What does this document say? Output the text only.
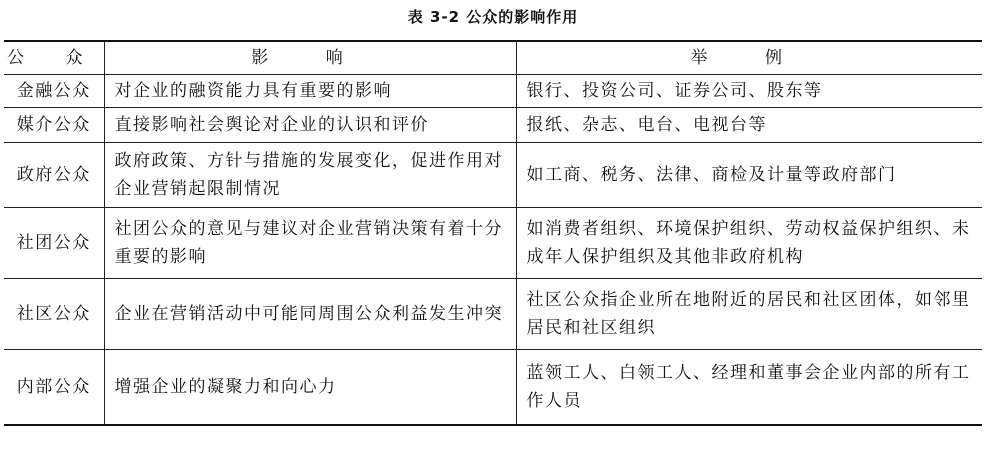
表 3-2 公众的影响作用
公 众	影 响	举 例
金融公众	对企业的融资能力具有重要的影响	银行、投资公司、证券公司、股东等
媒介公众	直接影响社会舆论对企业的认识和评价	报纸、杂志、电台、电视台等
政府公众	政府政策、方针与措施的发展变化，促进作用对企业营销起限制情况	如工商、税务、法律、商检及计量等政府部门
社团公众	社团公众的意见与建议对企业营销决策有着十分重要的影响	如消费者组织、环境保护组织、劳动权益保护组织、未成年人保护组织及其他非政府机构
社区公众	企业在营销活动中可能同周围公众利益发生冲突	社区公众指企业所在地附近的居民和社区团体，如邻里居民和社区组织
内部公众	增强企业的凝聚力和向心力	蓝领工人、白领工人、经理和董事会企业内部的所有工作人员
